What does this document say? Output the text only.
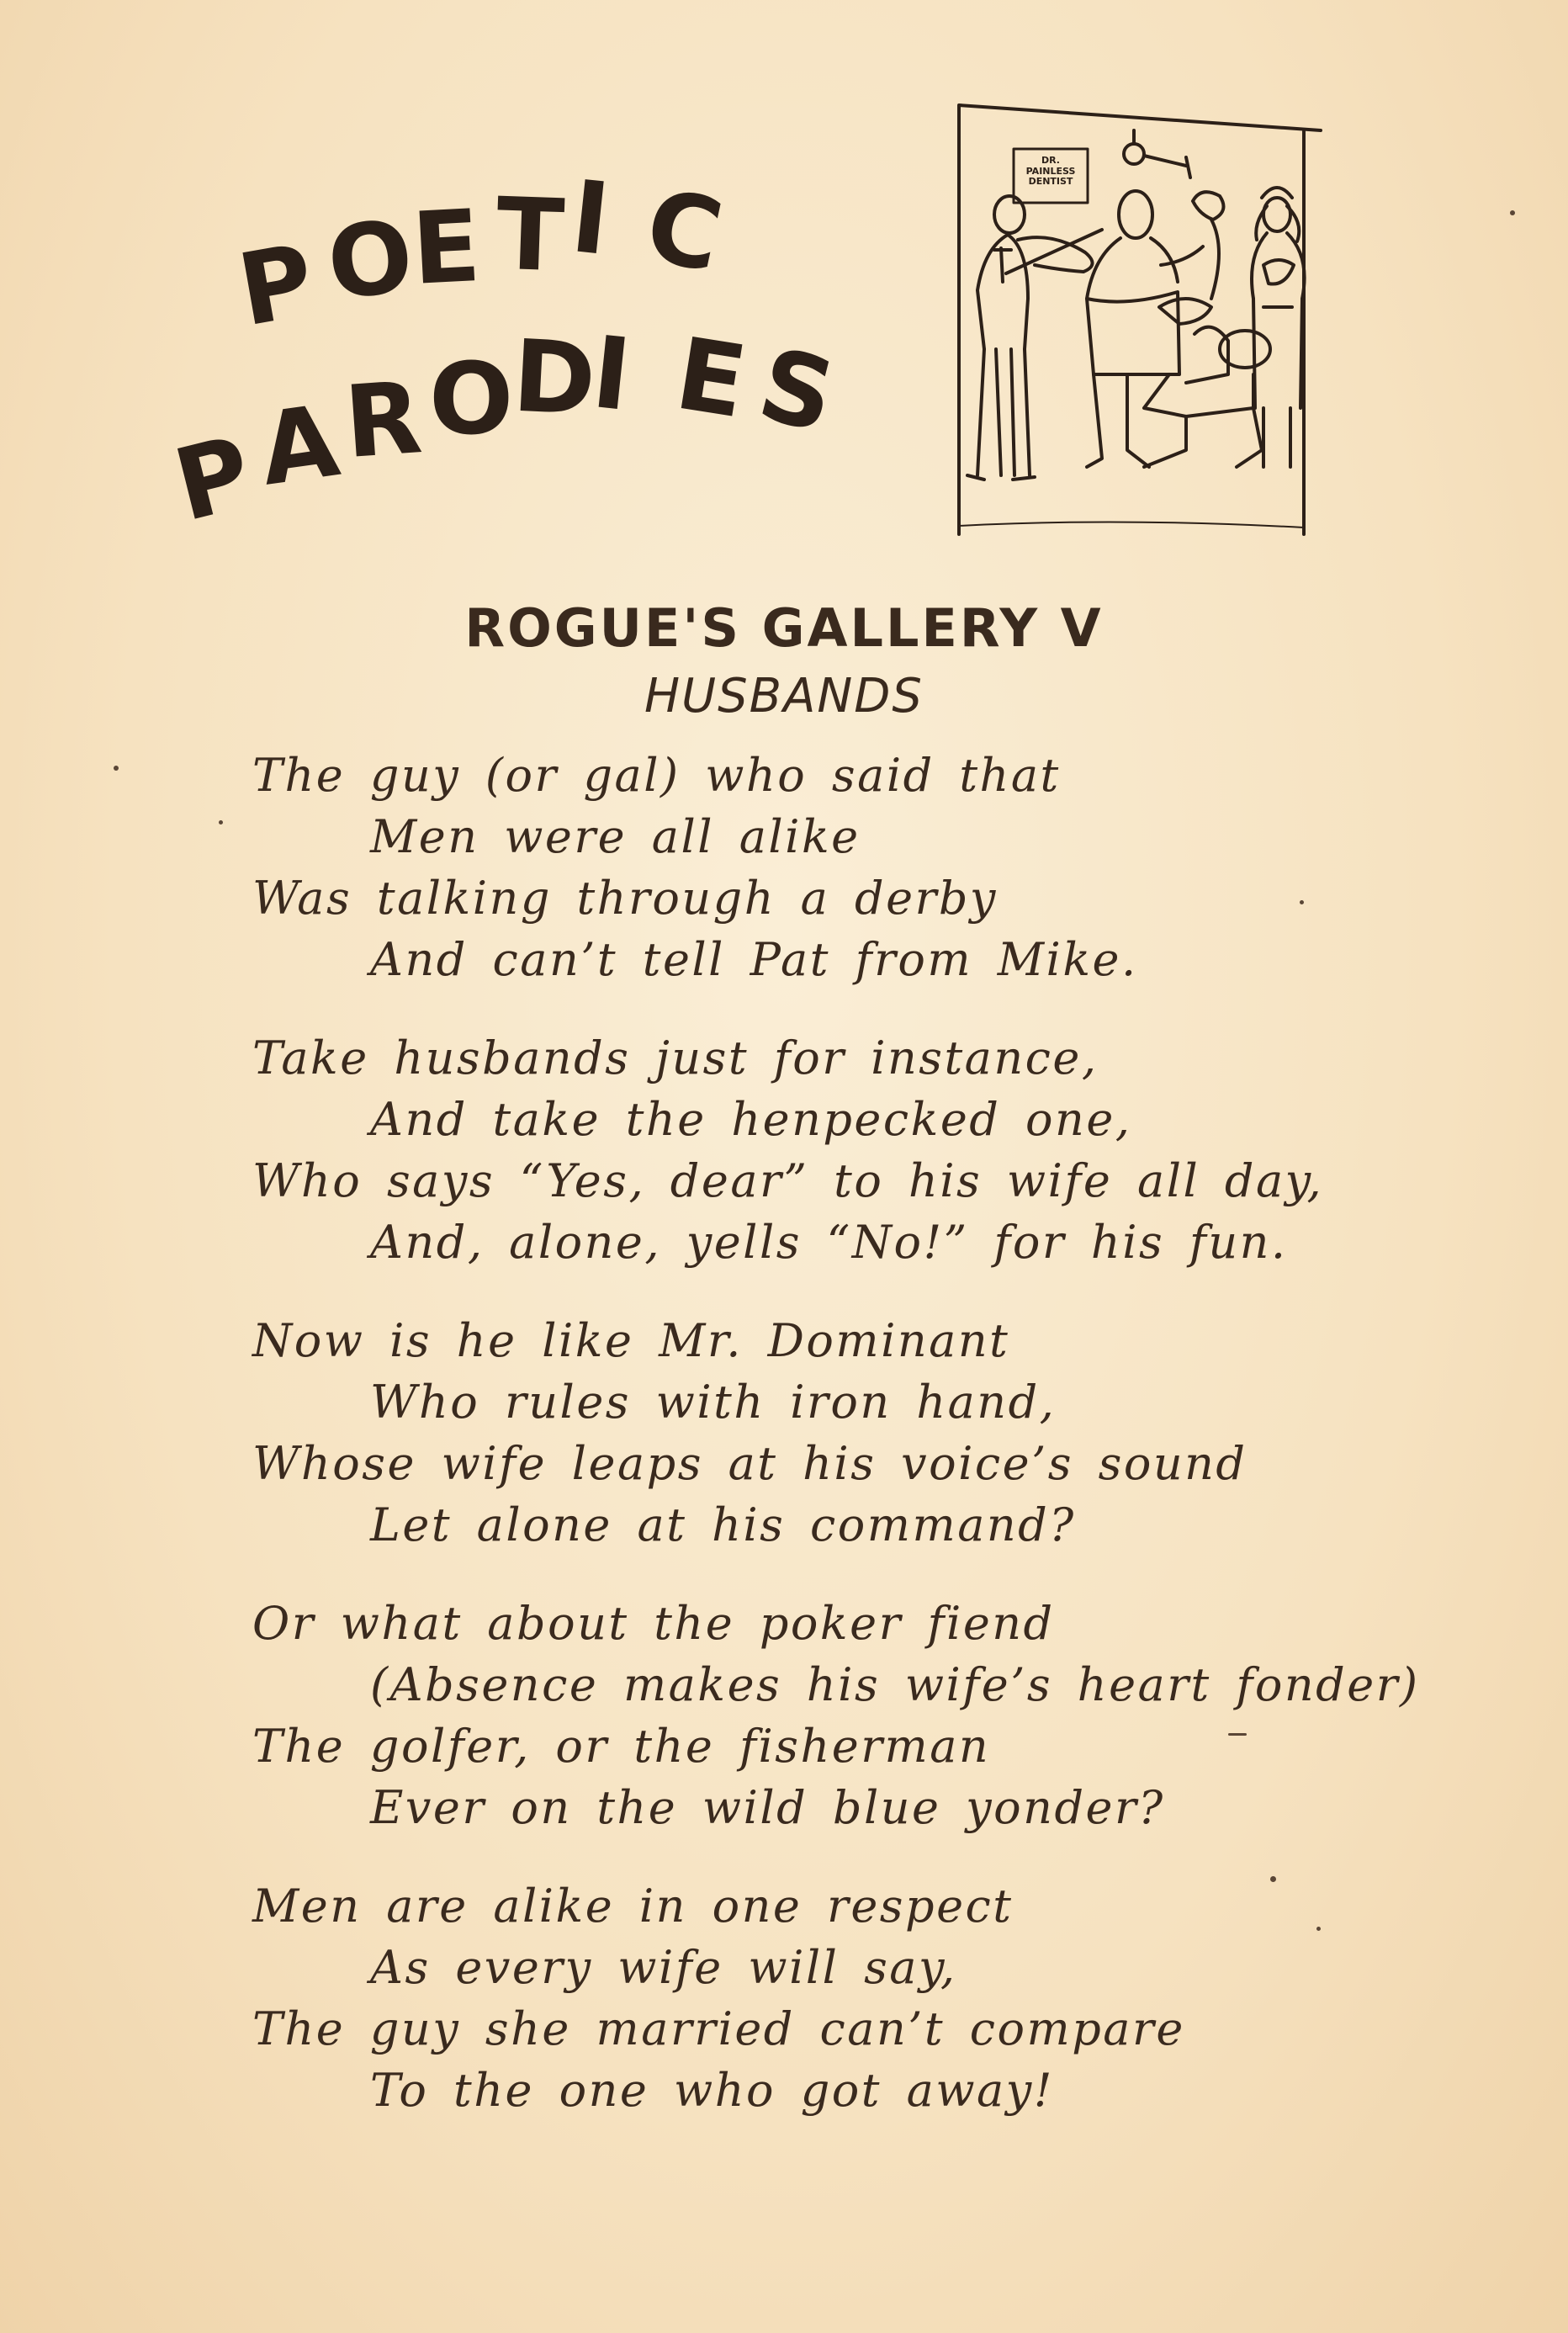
P O
E T I C
P
A
R O
D
I E
S
DR. PAINLESS
DENTIST
ROGUE'S GALLERY V
HUSBANDS
The guy (or gal) who said that
Men were all alike
Was talking through a derby
And can’t tell Pat from Mike.
Take husbands just for instance,
And take the henpecked one,
Who says “Yes, dear” to his wife all day,
And, alone, yells “No!” for his fun.
Now is he like Mr. Dominant
Who rules with iron hand,
Whose wife leaps at his voice’s sound
Let alone at his command?
Or what about the poker fiend
(Absence makes his wife’s heart fonder)
The golfer, or the fisherman
Ever on the wild blue yonder?
Men are alike in one respect
As every wife will say,
The guy she married can’t compare
To the one who got away!
